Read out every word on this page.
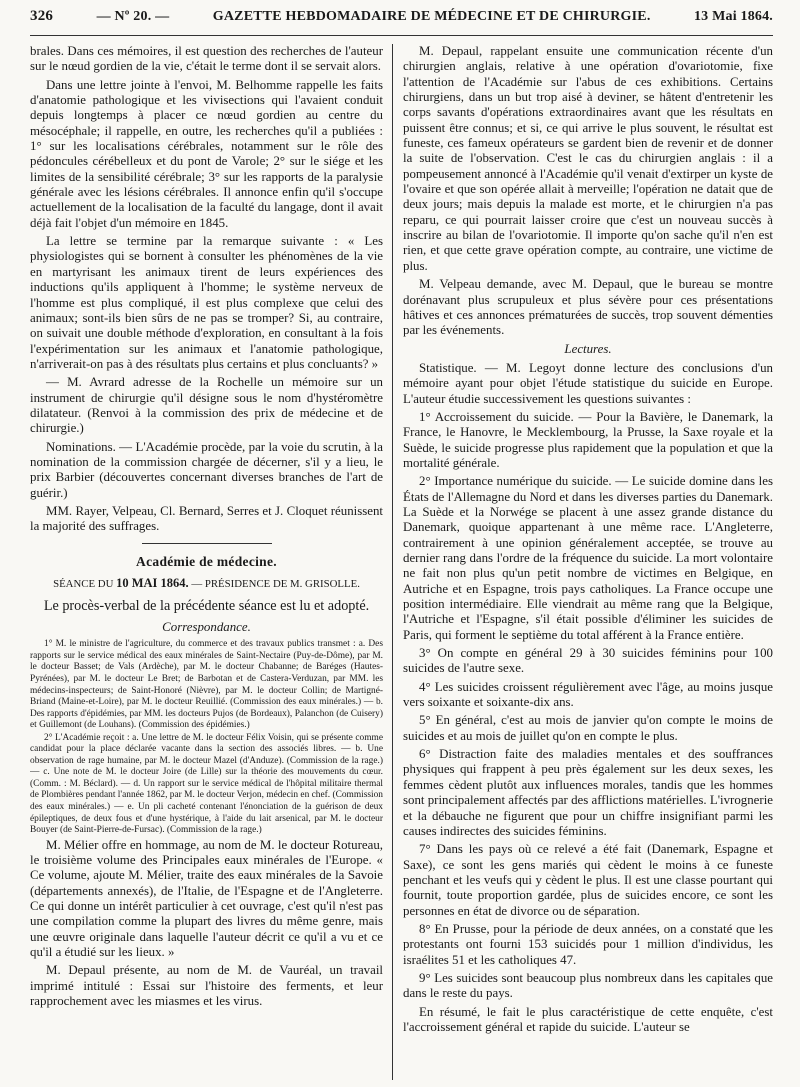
326	— Nº 20. —	GAZETTE HEBDOMADAIRE DE MÉDECINE ET DE CHIRURGIE.	13 Mai 1864.

brales. Dans ces mémoires, il est question des recherches de l'auteur sur le nœud gordien de la vie, c'était le terme dont il se servait alors.

Dans une lettre jointe à l'envoi, M. Belhomme rappelle les faits d'anatomie pathologique et les vivisections qui l'avaient conduit depuis longtemps à placer ce nœud gordien au centre du mésocéphale; il rappelle, en outre, les recherches qu'il a publiées : 1° sur les localisations cérébrales, notamment sur le rôle des pédoncules cérébelleux et du pont de Varole; 2° sur le siége et les limites de la sensibilité cérébrale; 3° sur les rapports de la paralysie générale avec les lésions cérébrales. Il annonce enfin qu'il s'occupe actuellement de la localisation de la faculté du langage, dont il avait déjà fait l'objet d'un mémoire en 1845.

La lettre se termine par la remarque suivante : « Les physiologistes qui se bornent à consulter les phénomènes de la vie en martyrisant les animaux tirent de leurs expériences des inductions qu'ils appliquent à l'homme; le système nerveux de l'homme est plus compliqué, il est plus complexe que celui des animaux; sont-ils bien sûrs de ne pas se tromper? Si, au contraire, on suivait une double méthode d'exploration, en consultant à la fois l'expérimentation sur les animaux et l'anatomie pathologique, n'arriverait-on pas à des résultats plus certains et plus concluants? »

— M. Avrard adresse de la Rochelle un mémoire sur un instrument de chirurgie qu'il désigne sous le nom d'hystéromètre dilatateur. (Renvoi à la commission des prix de médecine et de chirurgie.)

Nominations. — L'Académie procède, par la voie du scrutin, à la nomination de la commission chargée de décerner, s'il y a lieu, le prix Barbier (découvertes concernant diverses branches de l'art de guérir.)

MM. Rayer, Velpeau, Cl. Bernard, Serres et J. Cloquet réunissent la majorité des suffrages.

Académie de médecine.

SÉANCE DU 10 MAI 1864. — PRÉSIDENCE DE M. GRISOLLE.

Le procès-verbal de la précédente séance est lu et adopté.

Correspondance.

1° M. le ministre de l'agriculture, du commerce et des travaux publics transmet : a. Des rapports sur le service médical des eaux minérales de Saint-Nectaire (Puy-de-Dôme), par M. le docteur Basset; de Vals (Ardèche), par M. le docteur Chabanne; de Baréges (Hautes-Pyrénées), par M. le docteur Le Bret; de Barbotan et de Castera-Verduzan, par MM. les médecins-inspecteurs; de Saint-Honoré (Nièvre), par M. le docteur Collin; de Martigné-Briand (Maine-et-Loire), par M. le docteur Reuillié. (Commission des eaux minérales.) — b. Des rapports d'épidémies, par MM. les docteurs Pujos (de Bordeaux), Palanchon (de Cuisery) et Guillemont (de Louhans). (Commission des épidémies.)

2° L'Académie reçoit : a. Une lettre de M. le docteur Félix Voisin, qui se présente comme candidat pour la place déclarée vacante dans la section des associés libres. — b. Une observation de rage humaine, par M. le docteur Mazel (d'Anduze). (Commission de la rage.) — c. Une note de M. le docteur Joire (de Lille) sur la théorie des mouvements du cœur. (Comm. : M. Béclard). — d. Un rapport sur le service médical de l'hôpital militaire thermal de Plombières pendant l'année 1862, par M. le docteur Verjon, médecin en chef. (Commission des eaux minérales.) — e. Un pli cacheté contenant l'énonciation de la guérison de deux épileptiques, de deux fous et d'une hystérique, à l'aide du lait arsenical, par M. le docteur Bouyer (de Saint-Pierre-de-Fursac). (Commission de la rage.)

M. Mélier offre en hommage, au nom de M. le docteur Rotureau, le troisième volume des Principales eaux minérales de l'Europe. « Ce volume, ajoute M. Mélier, traite des eaux minérales de la Savoie (départements annexés), de l'Italie, de l'Espagne et de l'Angleterre. Ce qui donne un intérêt particulier à cet ouvrage, c'est qu'il n'est pas une compilation comme la plupart des livres du même genre, mais une œuvre originale dans laquelle l'auteur décrit ce qu'il a vu et ce qu'il a étudié sur les lieux. »

M. Depaul présente, au nom de M. de Vauréal, un travail imprimé intitulé : Essai sur l'histoire des ferments, et leur rapprochement avec les miasmes et les virus.

M. Depaul, rappelant ensuite une communication récente d'un chirurgien anglais, relative à une opération d'ovariotomie, fixe l'attention de l'Académie sur l'abus de ces exhibitions. Certains chirurgiens, dans un but trop aisé à deviner, se hâtent d'entretenir les corps savants d'opérations extraordinaires avant que les résultats en puissent être connus; et si, ce qui arrive le plus souvent, le résultat est funeste, ces fameux opérateurs se gardent bien de revenir et de donner la suite de l'observation. C'est le cas du chirurgien anglais : il a pompeusement annoncé à l'Académie qu'il venait d'extirper un kyste de l'ovaire et que son opérée allait à merveille; l'opération ne datait que de deux jours; mais depuis la malade est morte, et le chirurgien n'a pas reparu, ce qui pourrait laisser croire que c'est un nouveau succès à inscrire au bilan de l'ovariotomie. Il importe qu'on sache qu'il n'en est rien, et que cette grave opération compte, au contraire, une victime de plus.

M. Velpeau demande, avec M. Depaul, que le bureau se montre dorénavant plus scrupuleux et plus sévère pour ces présentations hâtives et ces annonces prématurées de succès, trop souvent démenties par les événements.

Lectures.

Statistique. — M. Legoyt donne lecture des conclusions d'un mémoire ayant pour objet l'étude statistique du suicide en Europe. L'auteur étudie successivement les questions suivantes :

1° Accroissement du suicide. — Pour la Bavière, le Danemark, la France, le Hanovre, le Mecklembourg, la Prusse, la Saxe royale et la Suède, le suicide progresse plus rapidement que la population et que la mortalité générale.

2° Importance numérique du suicide. — Le suicide domine dans les États de l'Allemagne du Nord et dans les diverses parties du Danemark. La Suède et la Norwége se placent à une assez grande distance du Danemark, quoique appartenant à une même race. L'Angleterre, contrairement à une opinion généralement acceptée, se trouve au dernier rang dans l'ordre de la fréquence du suicide. La mort volontaire ne fait non plus qu'un petit nombre de victimes en Belgique, en Autriche et en Espagne, trois pays catholiques. La France occupe une position intermédiaire. Elle viendrait au même rang que la Belgique, l'Autriche et l'Espagne, s'il était possible d'éliminer les suicides de Paris, qui forment le septième du total afférent à la France entière.

3° On compte en général 29 à 30 suicides féminins pour 100 suicides de l'autre sexe.

4° Les suicides croissent régulièrement avec l'âge, au moins jusque vers soixante et soixante-dix ans.

5° En général, c'est au mois de janvier qu'on compte le moins de suicides et au mois de juillet qu'on en compte le plus.

6° Distraction faite des maladies mentales et des souffrances physiques qui frappent à peu près également sur les deux sexes, les femmes cèdent plutôt aux influences morales, tandis que les hommes sont principalement affectés par des afflictions matérielles. L'ivrognerie et la débauche ne figurent que pour un chiffre insignifiant parmi les causes indirectes des suicides féminins.

7° Dans les pays où ce relevé a été fait (Danemark, Espagne et Saxe), ce sont les gens mariés qui cèdent le moins à ce funeste penchant et les veufs qui y cèdent le plus. Il est une classe pourtant qui fournit, toute proportion gardée, plus de suicides encore, ce sont les personnes en état de divorce ou de séparation.

8° En Prusse, pour la période de deux années, on a constaté que les protestants ont fourni 153 suicidés pour 1 million d'individus, les israélites 51 et les catholiques 47.

9° Les suicides sont beaucoup plus nombreux dans les capitales que dans le reste du pays.

En résumé, le fait le plus caractéristique de cette enquête, c'est l'accroissement général et rapide du suicide. L'auteur se
